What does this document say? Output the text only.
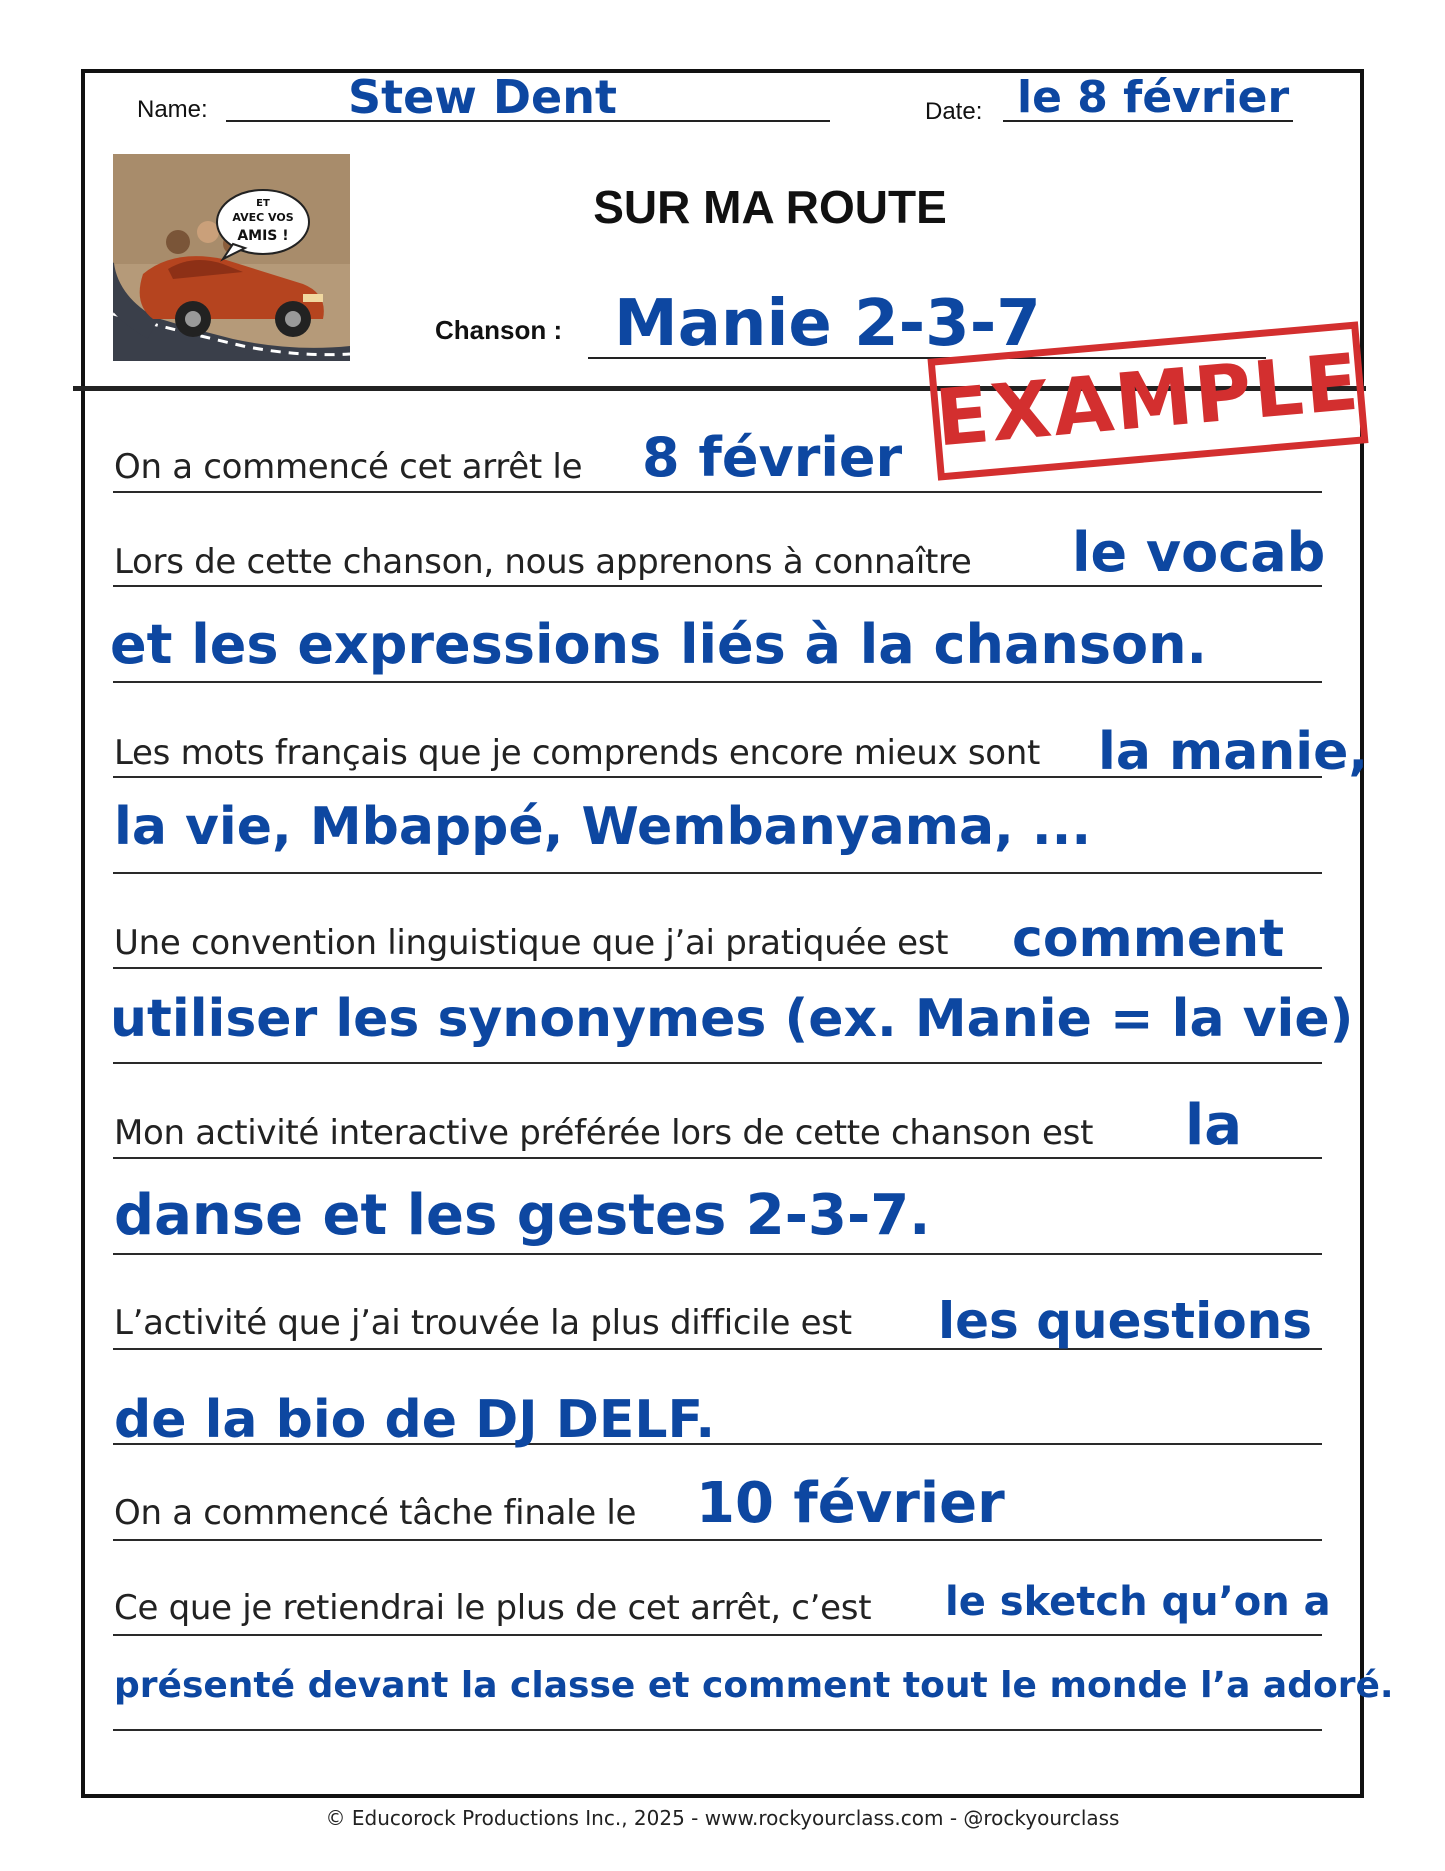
Name:	Stew Dent	Date: le 8 février
ET
AVEC VOS
AMIS !
SUR MA ROUTE
Chanson : Manie 2-3-7
EXAMPLE
On a commencé cet arrêt le 8 février
Lors de cette chanson, nous apprenons à connaître le vocab
et les expressions liés à la chanson.
Les mots français que je comprends encore mieux sont la manie,
la vie, Mbappé, Wembanyama, ...
Une convention linguistique que j’ai pratiquée est comment
utiliser les synonymes (ex. Manie = la vie)
Mon activité interactive préférée lors de cette chanson est la
danse et les gestes 2-3-7.
L’activité que j’ai trouvée la plus difficile est les questions
de la bio de DJ DELF.
On a commencé tâche finale le 10 février
Ce que je retiendrai le plus de cet arrêt, c’est le sketch qu’on a
présenté devant la classe et comment tout le monde l’a adoré.
© Educorock Productions Inc., 2025 - www.rockyourclass.com - @rockyourclass
